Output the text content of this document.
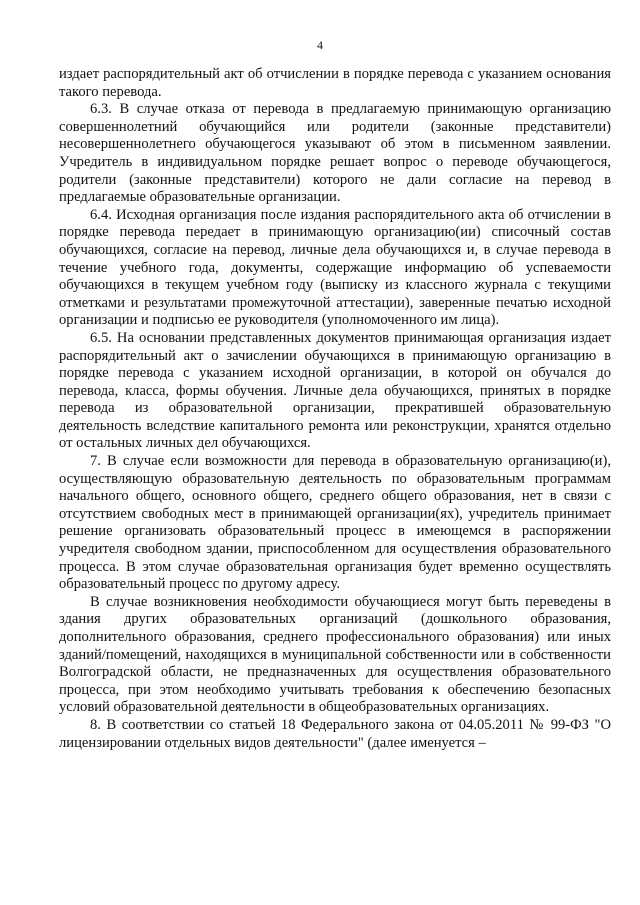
4

издает распорядительный акт об отчислении в порядке перевода с указанием основания такого перевода.

6.3. В случае отказа от перевода в предлагаемую принимающую организацию совершеннолетний обучающийся или родители (законные представители) несовершеннолетнего обучающегося указывают об этом в письменном заявлении. Учредитель в индивидуальном порядке решает вопрос о переводе обучающегося, родители (законные представители) которого не дали согласие на перевод в предлагаемые образовательные организации.

6.4. Исходная организация после издания распорядительного акта об отчислении в порядке перевода передает в принимающую организацию(ии) списочный состав обучающихся, согласие на перевод, личные дела обучающихся и, в случае перевода в течение учебного года, документы, содержащие информацию об успеваемости обучающихся в текущем учебном году (выписку из классного журнала с текущими отметками и результатами промежуточной аттестации), заверенные печатью исходной организации и подписью ее руководителя (уполномоченного им лица).

6.5. На основании представленных документов принимающая организация издает распорядительный акт о зачислении обучающихся в принимающую организацию в порядке перевода с указанием исходной организации, в которой он обучался до перевода, класса, формы обучения. Личные дела обучающихся, принятых в порядке перевода из образовательной организации, прекратившей образовательную деятельность вследствие капитального ремонта или реконструкции, хранятся отдельно от остальных личных дел обучающихся.

7. В случае если возможности для перевода в образовательную организацию(и), осуществляющую образовательную деятельность по образовательным программам начального общего, основного общего, среднего общего образования, нет в связи с отсутствием свободных мест в принимающей организации(ях), учредитель принимает решение организовать образовательный процесс в имеющемся в распоряжении учредителя свободном здании, приспособленном для осуществления образовательного процесса. В этом случае образовательная организация будет временно осуществлять образовательный процесс по другому адресу.

В случае возникновения необходимости обучающиеся могут быть переведены в здания других образовательных организаций (дошкольного образования, дополнительного образования, среднего профессионального образования) или иных зданий/помещений, находящихся в муниципальной собственности или в собственности Волгоградской области, не предназначенных для осуществления образовательного процесса, при этом необходимо учитывать требования к обеспечению безопасных условий образовательной деятельности в общеобразовательных организациях.

8. В соответствии со статьей 18 Федерального закона от 04.05.2011 № 99-ФЗ "О лицензировании отдельных видов деятельности" (далее именуется –
